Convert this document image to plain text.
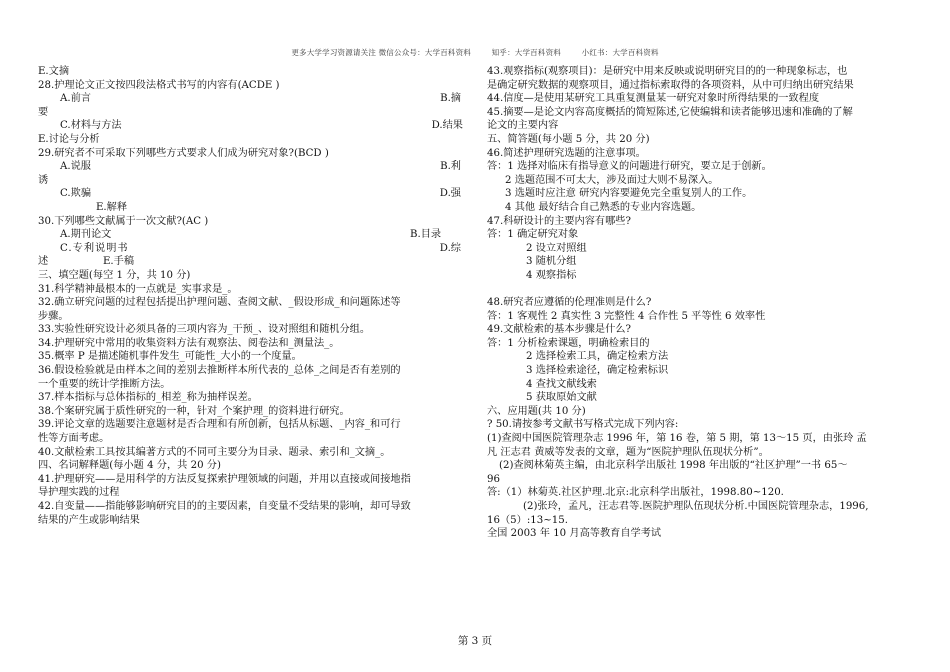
更多大学学习资源请关注 微信公众号：大学百科资料        知乎：大学百科资料        小红书：大学百科资料
E.文摘
28.护理论文正文按四段法格式书写的内容有(ACDE )
A.前言	B.摘
要
C.材料与方法	D.结果
E.讨论与分析
29.研究者不可采取下列哪些方式要求人们成为研究对象?(BCD )
A.说服	B.利
诱
C.欺骗	D.强
E.解释
30.下列哪些文献属于一次文献?(AC )
A.期刊论文	B.目录
C.专利说明书	D.综
述	E.手稿
三、填空题(每空 1 分，共 10 分)
31.科学精神最根本的一点就是_实事求是_。
32.确立研究问题的过程包括提出护理问题、查阅文献、_假设形成_和问题陈述等
步骤。
33.实验性研究设计必须具备的三项内容为_干预_、设对照组和随机分组。
34.护理研究中常用的收集资料方法有观察法、阅卷法和_测量法_。
35.概率 P 是描述随机事件发生_可能性_大小的一个度量。
36.假设检验就是由样本之间的差别去推断样本所代表的_总体_之间是否有差别的
一个重要的统计学推断方法。
37.样本指标与总体指标的_相差_称为抽样误差。
38.个案研究属于质性研究的一种，针对_个案护理_的资料进行研究。
39.评论文章的选题要注意题材是否合理和有所创新，包括从标题、_内容_和可行
性等方面考虑。
40.文献检索工具按其编著方式的不同可主要分为目录、题录、索引和_文摘_。
四、名词解释题(每小题 4 分，共 20 分)
41.护理研究——是用科学的方法反复探索护理领域的问题，并用以直接或间接地指
导护理实践的过程
42.自变量——指能够影响研究目的的主要因素，自变量不受结果的影响，却可导致
结果的产生或影响结果
43.观察指标(观察项目)：是研究中用来反映或说明研究目的的一种现象标志，也
是确定研究数据的观察项目，通过指标索取得的各项资料，从中可归纳出研究结果
44.信度—是使用某研究工具重复测量某一研究对象时所得结果的一致程度
45.摘要—是论文内容高度概括的简短陈述,它使编辑和读者能够迅速和准确的了解
论文的主要内容
五、简答题(每小题 5 分，共 20 分)
46.简述护理研究选题的注意事项。
答：1 选择对临床有指导意义的问题进行研究，要立足于创新。
2 选题范围不可太大，涉及面过大则不易深入。
3 选题时应注意 研究内容要避免完全重复别人的工作。
4 其他 最好结合自己熟悉的专业内容选题。
47.科研设计的主要内容有哪些?
答：1 确定研究对象
2 设立对照组
3 随机分组
4 观察指标
48.研究者应遵循的伦理准则是什么?
答：1 客观性 2 真实性 3 完整性 4 合作性 5 平等性 6 效率性
49.文献检索的基本步骤是什么?
答：1 分析检索课题，明确检索目的
2 选择检索工具，确定检索方法
3 选择检索途径，确定检索标识
4 查找文献线索
5 获取原始文献
六、应用题(共 10 分)
? 50.请按参考文献书写格式完成下列内容:
(1)查阅中国医院管理杂志 1996 年，第 16 卷，第 5 期，第 13～15 页，由张玲 孟
凡 汪志君 黄威等发表的文章，题为“医院护理队伍现状分析”。
(2)查阅林菊英主编，由北京科学出版社 1998 年出版的“社区护理”一书 65～
96
答:（1）林菊英.社区护理.北京:北京科学出版社，1998.80~120.
(2)张玲，孟凡，汪志君等.医院护理队伍现状分析.中国医院管理杂志，1996,
16（5）:13~15.
全国 2003 年 10 月高等教育自学考试
第 3 页
